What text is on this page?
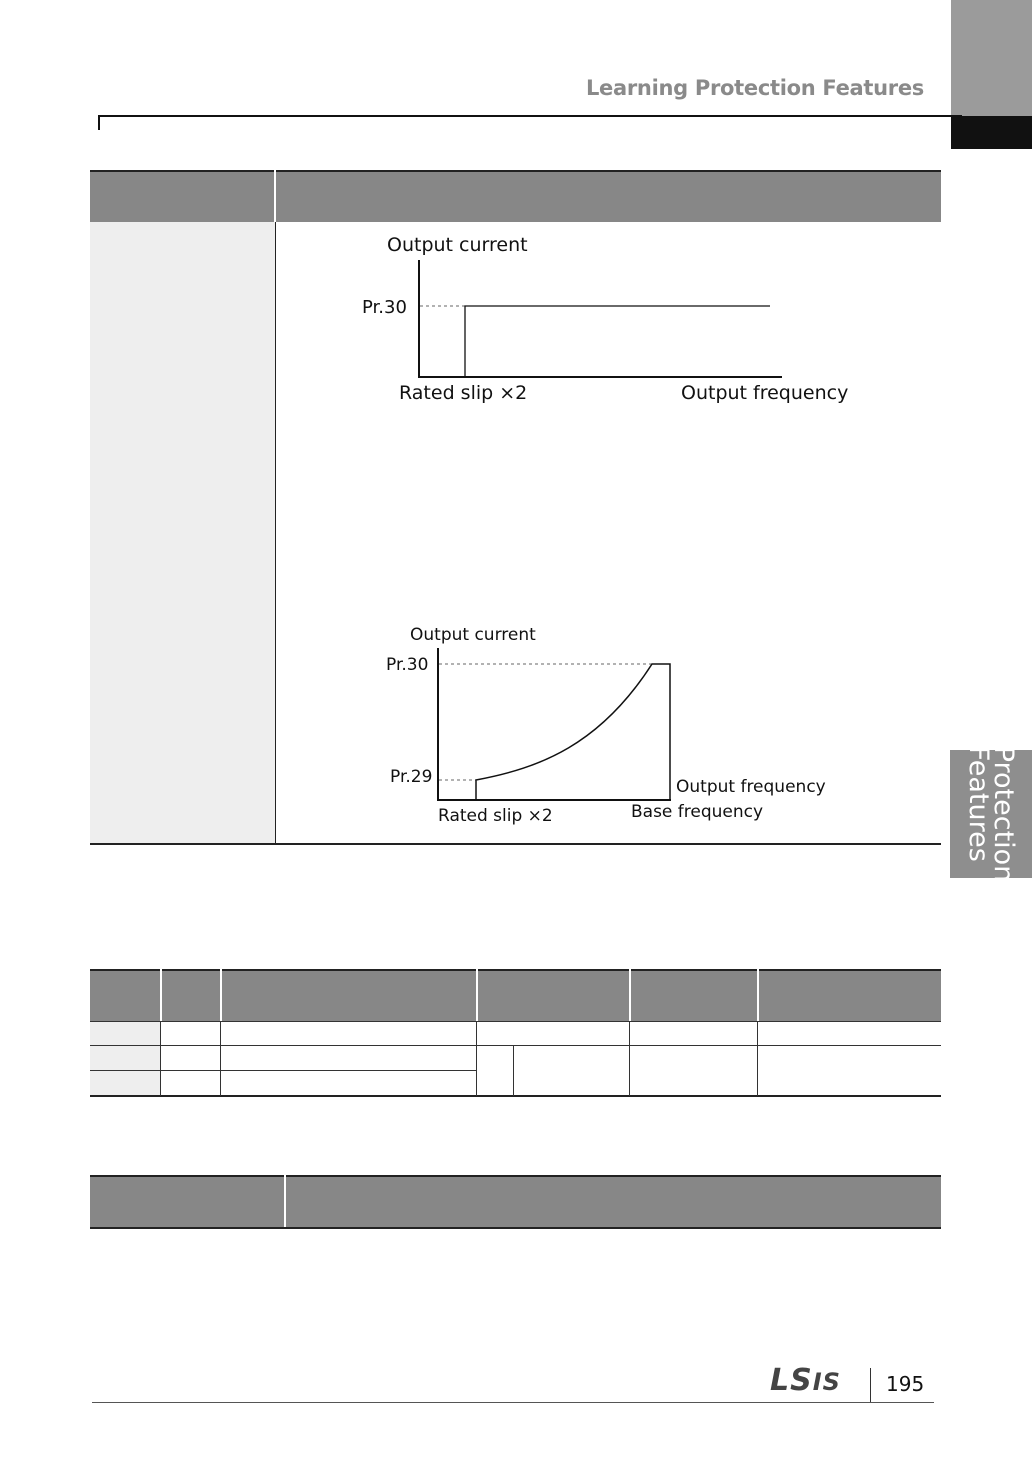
Learning Protection Features
Protection
Features
Output current
Pr.30
Rated slip ×2	Output frequency
Output current
Pr.30
Pr.29
Rated slip ×2
Output frequency
Base frequency
LSIS 195
